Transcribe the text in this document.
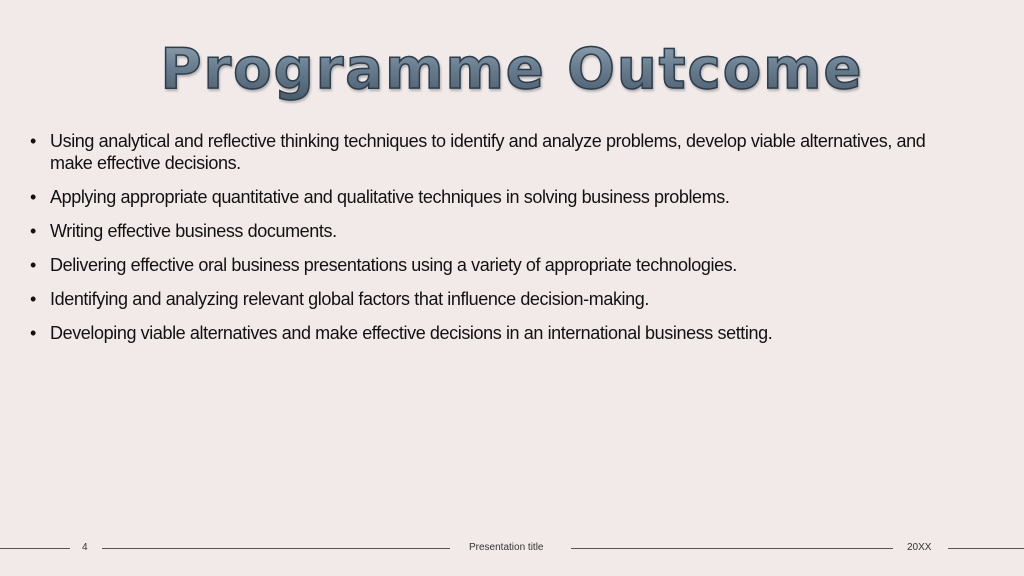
Programme Outcome
• Using analytical and reflective thinking techniques to identify and analyze problems, develop viable alternatives, and make effective decisions.
• Applying appropriate quantitative and qualitative techniques in solving business problems.
• Writing effective business documents.
• Delivering effective oral business presentations using a variety of appropriate technologies.
• Identifying and analyzing relevant global factors that influence decision-making.
• Developing viable alternatives and make effective decisions in an international business setting.
4	Presentation title	20XX
